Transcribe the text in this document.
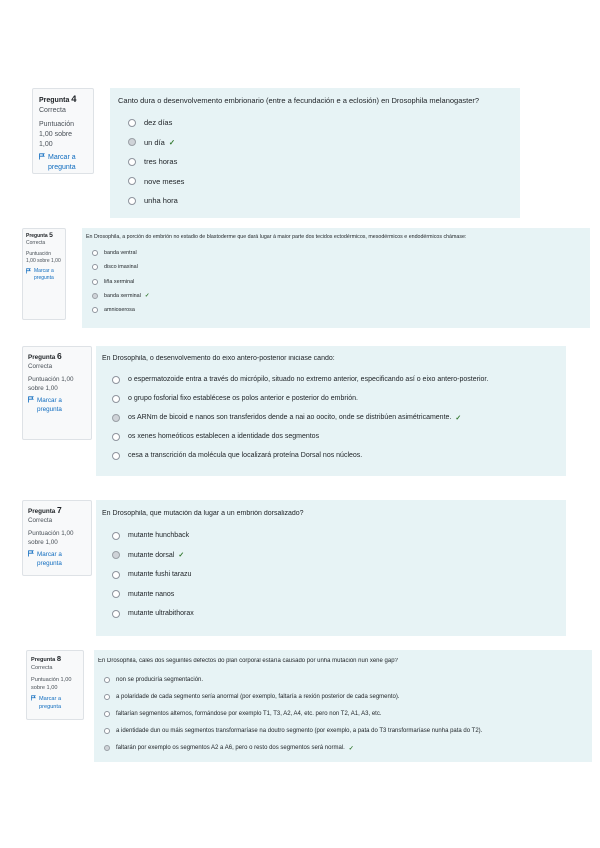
Pregunta 4
Correcta
Puntuación 1,00 sobre 1,00
Marcar a pregunta
Canto dura o desenvolvemento embrionario (entre a fecundación e a eclosión) en Drosophila melanogaster?
dez días
un día ✓
tres horas
nove meses
unha hora
Pregunta 5
Correcta
Puntuación 1,00 sobre 1,00
Marcar a pregunta
En Drosophila, a porción do embrión no estadio de blastoderme que dará lugar á maior parte dos tecidos ectodérmicos, mesodérmicos e endodérmicos chámase:
banda ventral
disco imaxinal
liña xerminal
banda xerminal ✓
amnioserosa
Pregunta 6
Correcta
Puntuación 1,00 sobre 1,00
Marcar a pregunta
En Drosophila, o desenvolvemento do eixo antero-posterior iniciase cando:
o espermatozoide entra a través do micrópilo, situado no extremo anterior, especificando así o eixo antero-posterior.
o grupo fosforial fixo establécese os polos anterior e posterior do embrión.
os ARNm de bicoid e nanos son transferidos dende a nai ao oocito, onde se distribúen asimétricamente. ✓
os xenes homeóticos establecen a identidade dos segmentos
cesa a transcrición da molécula que localizará proteína Dorsal nos núcleos.
Pregunta 7
Correcta
Puntuación 1,00 sobre 1,00
Marcar a pregunta
En Drosophila, que mutación da lugar a un embrión dorsalizado?
mutante hunchback
mutante dorsal ✓
mutante fushi tarazu
mutante nanos
mutante ultrabithorax
Pregunta 8
Correcta
Puntuación 1,00 sobre 1,00
Marcar a pregunta
En Drosophila, cales dos seguintes defectos do plan corporal estaría causado por unha mutación nun xene gap?
non se produciría segmentación.
a polaridade de cada segmento sería anormal (por exemplo, faltaría a rexión posterior de cada segmento).
faltarían segmentos alternos, formándose por exemplo T1, T3, A2, A4, etc. pero non T2, A1, A3, etc.
a identidade dun ou máis segmentos transformaríase na doutro segmento (por exemplo, a pata do T3 transformaríase nunha pata do T2).
faltarán por exemplo os segmentos A2 a A6, pero o resto dos segmentos será normal. ✓
